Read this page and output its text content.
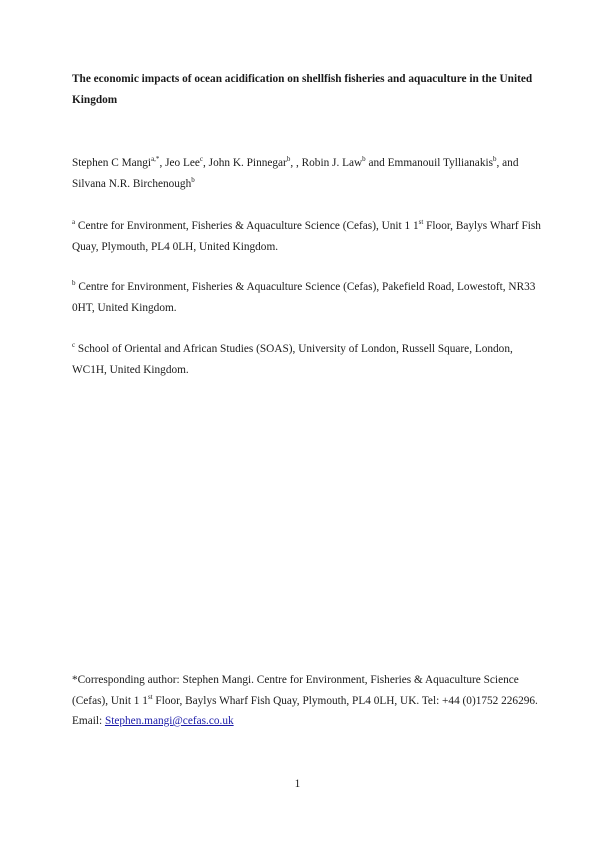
The economic impacts of ocean acidification on shellfish fisheries and aquaculture in the United Kingdom
Stephen C Mangi$^{a,*}$, Jeo Lee$^c$, John K. Pinnegar$^b$, , Robin J. Law$^b$ and Emmanouil Tyllianakis$^b$, and Silvana N.R. Birchenough$^b$
$^a$ Centre for Environment, Fisheries & Aquaculture Science (Cefas), Unit 1 1st Floor, Baylys Wharf Fish Quay, Plymouth, PL4 0LH, United Kingdom.
$^b$ Centre for Environment, Fisheries & Aquaculture Science (Cefas), Pakefield Road, Lowestoft, NR33 0HT, United Kingdom.
$^c$ School of Oriental and African Studies (SOAS), University of London, Russell Square, London, WC1H, United Kingdom.
*Corresponding author: Stephen Mangi. Centre for Environment, Fisheries & Aquaculture Science (Cefas), Unit 1 1st Floor, Baylys Wharf Fish Quay, Plymouth, PL4 0LH, UK. Tel: +44 (0)1752 226296. Email: Stephen.mangi@cefas.co.uk
1
